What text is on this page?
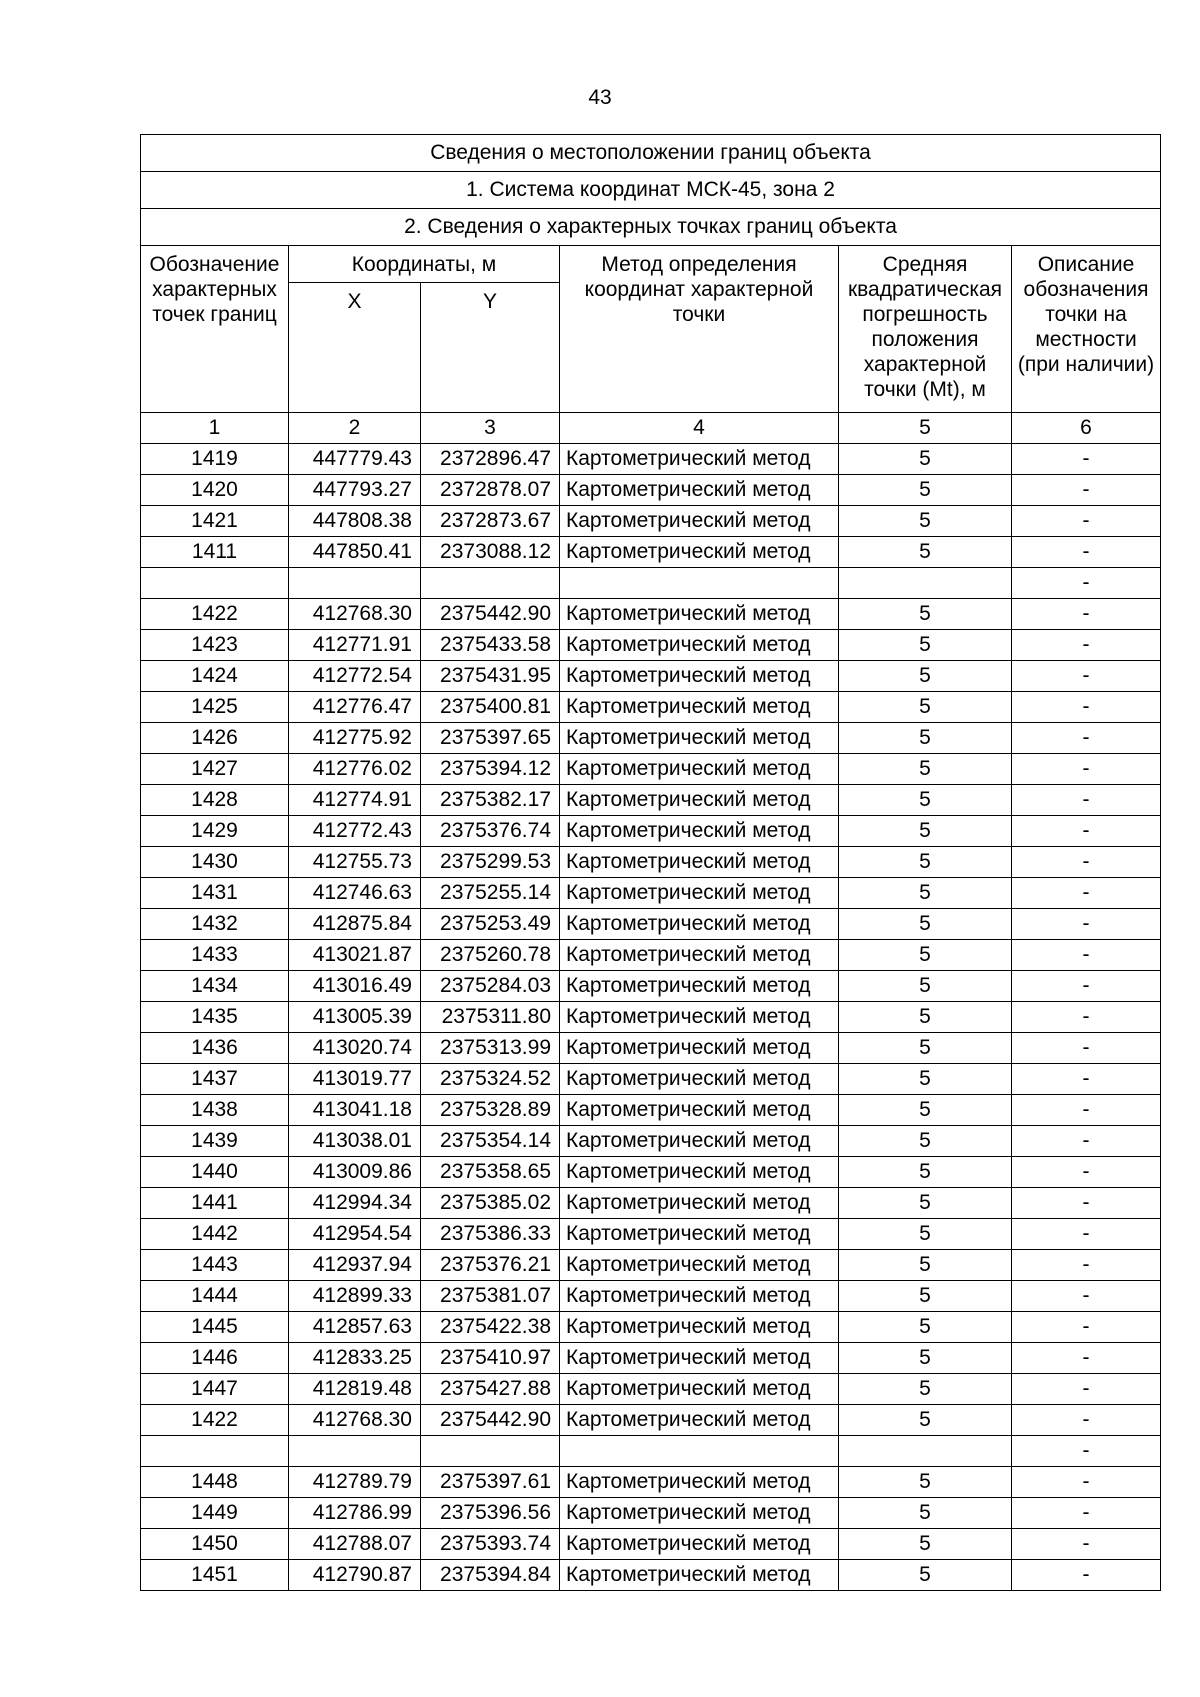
43
Сведения о местоположении границ объекта					
1. Система координат МСК-45, зона 2					
2. Сведения о характерных точках границ объекта					
Обозначение характерных точек границ	Координаты, м		Метод определения координат характерной точки	Средняя квадратическая погрешность положения характерной точки (Mt), м	Описание обозначения точки на местности (при наличии)
	X	Y			
1	2	3	4	5	6
1419	447779.43	2372896.47	Картометрический метод	5	-
1420	447793.27	2372878.07	Картометрический метод	5	-
1421	447808.38	2372873.67	Картометрический метод	5	-
1411	447850.41	2373088.12	Картометрический метод	5	-
					-
1422	412768.30	2375442.90	Картометрический метод	5	-
1423	412771.91	2375433.58	Картометрический метод	5	-
1424	412772.54	2375431.95	Картометрический метод	5	-
1425	412776.47	2375400.81	Картометрический метод	5	-
1426	412775.92	2375397.65	Картометрический метод	5	-
1427	412776.02	2375394.12	Картометрический метод	5	-
1428	412774.91	2375382.17	Картометрический метод	5	-
1429	412772.43	2375376.74	Картометрический метод	5	-
1430	412755.73	2375299.53	Картометрический метод	5	-
1431	412746.63	2375255.14	Картометрический метод	5	-
1432	412875.84	2375253.49	Картометрический метод	5	-
1433	413021.87	2375260.78	Картометрический метод	5	-
1434	413016.49	2375284.03	Картометрический метод	5	-
1435	413005.39	2375311.80	Картометрический метод	5	-
1436	413020.74	2375313.99	Картометрический метод	5	-
1437	413019.77	2375324.52	Картометрический метод	5	-
1438	413041.18	2375328.89	Картометрический метод	5	-
1439	413038.01	2375354.14	Картометрический метод	5	-
1440	413009.86	2375358.65	Картометрический метод	5	-
1441	412994.34	2375385.02	Картометрический метод	5	-
1442	412954.54	2375386.33	Картометрический метод	5	-
1443	412937.94	2375376.21	Картометрический метод	5	-
1444	412899.33	2375381.07	Картометрический метод	5	-
1445	412857.63	2375422.38	Картометрический метод	5	-
1446	412833.25	2375410.97	Картометрический метод	5	-
1447	412819.48	2375427.88	Картометрический метод	5	-
1422	412768.30	2375442.90	Картометрический метод	5	-
					-
1448	412789.79	2375397.61	Картометрический метод	5	-
1449	412786.99	2375396.56	Картометрический метод	5	-
1450	412788.07	2375393.74	Картометрический метод	5	-
1451	412790.87	2375394.84	Картометрический метод	5	-
